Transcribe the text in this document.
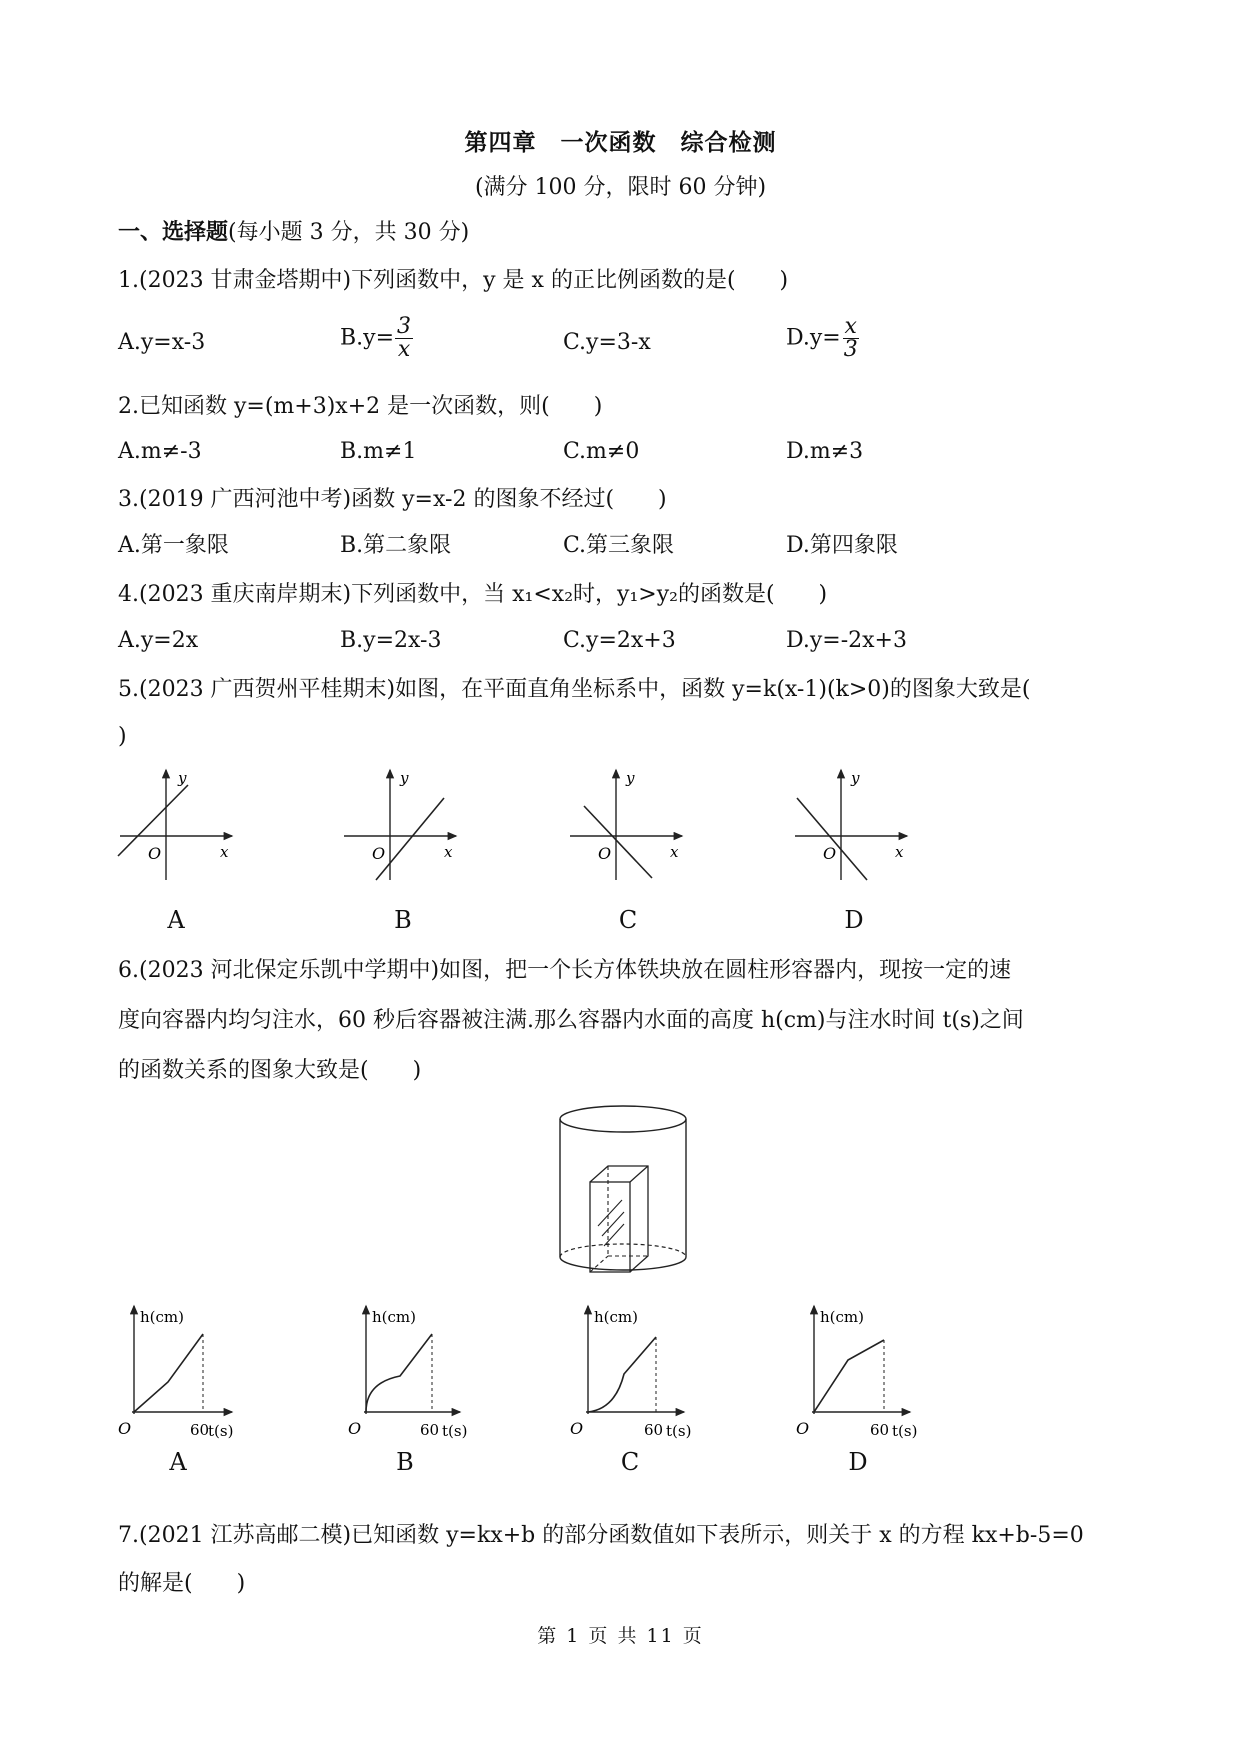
第四章　一次函数　综合检测
(满分 100 分，限时 60 分钟)
一、选择题(每小题 3 分，共 30 分)
1.(2023 甘肃金塔期中)下列函数中，y 是 x 的正比例函数的是(　　)
A.y=x-3	$B.y= \frac{3}{x}$	C.y=3-x	$D.y= \frac{x}{3}$
2.已知函数 y=(m+3)x+2 是一次函数，则(　　)
A.m≠-3	B.m≠1	C.m≠0	D.m≠3
3.(2019 广西河池中考)函数 y=x-2 的图象不经过(　　)
A.第一象限	B.第二象限	C.第三象限	D.第四象限
4.(2023 重庆南岸期末)下列函数中，当 x₁<x₂时，y₁>y₂的函数是(　　)
A.y=2x	B.y=2x-3	C.y=2x+3	D.y=-2x+3
5.(2023 广西贺州平桂期末)如图，在平面直角坐标系中，函数 y=k(x-1)(k>0)的图象大致是(
)
y
x
O
y
x
O
y
x
O
y
x
O
h(cm)
60
t(s)
O
h(cm)
60 t(s)
O
h(cm)
60 t(s)
O
h(cm)
60 t(s)
O
A	B	C	D
6.(2023 河北保定乐凯中学期中)如图，把一个长方体铁块放在圆柱形容器内，现按一定的速
度向容器内均匀注水，60 秒后容器被注满.那么容器内水面的高度 h(cm)与注水时间 t(s)之间
的函数关系的图象大致是(　　)
A	B	C	D
7.(2021 江苏高邮二模)已知函数 y=kx+b 的部分函数值如下表所示，则关于 x 的方程 kx+b-5=0
的解是(　　)
第 1 页 共 11 页
